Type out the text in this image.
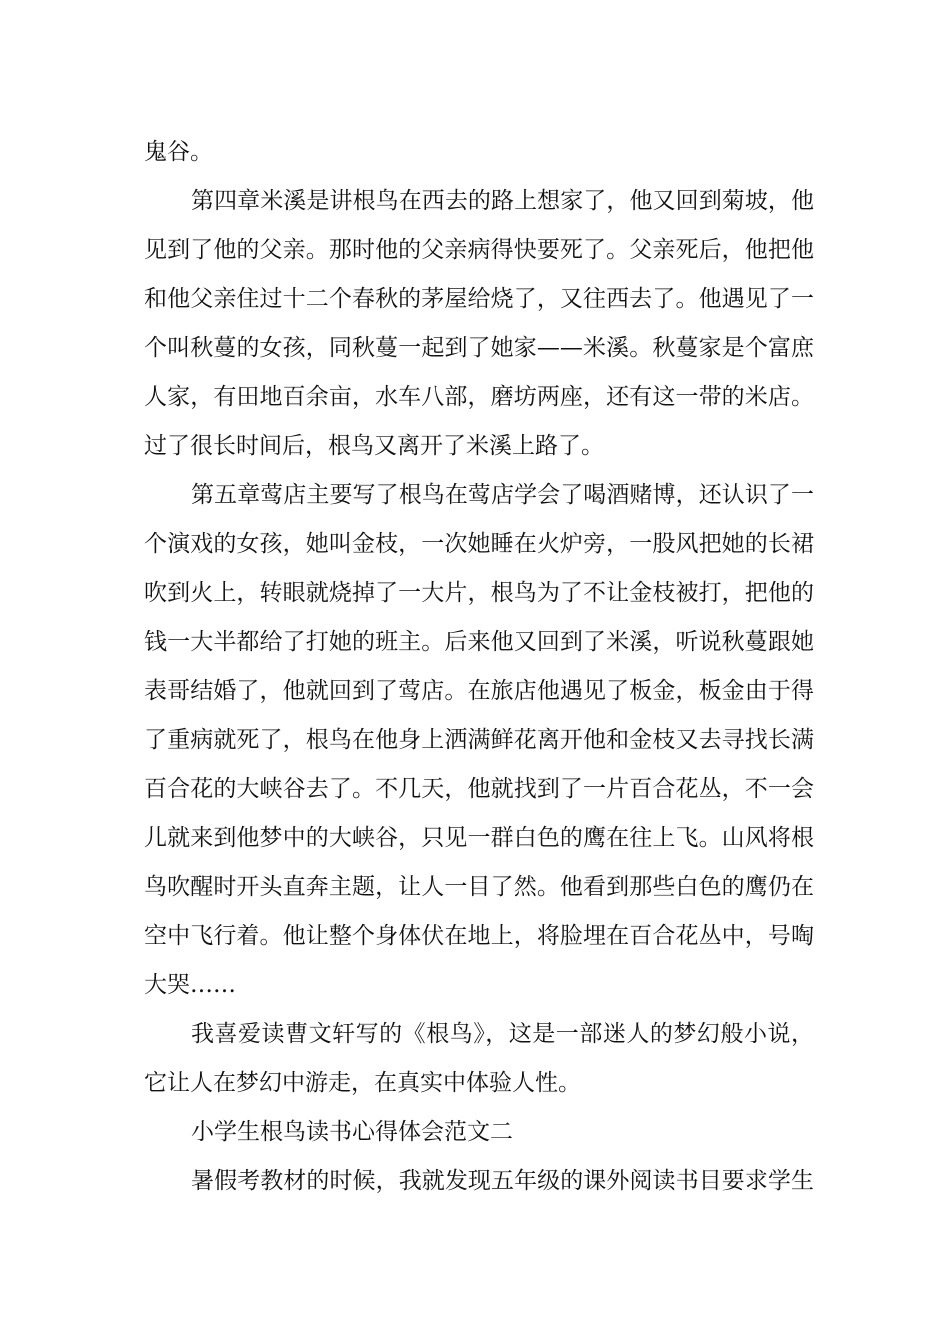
鬼谷。
第四章米溪是讲根鸟在西去的路上想家了，他又回到菊坡，他
见到了他的父亲。那时他的父亲病得快要死了。父亲死后，他把他
和他父亲住过十二个春秋的茅屋给烧了，又往西去了。他遇见了一
个叫秋蔓的女孩，同秋蔓一起到了她家——米溪。秋蔓家是个富庶
人家，有田地百余亩，水车八部，磨坊两座，还有这一带的米店。
过了很长时间后，根鸟又离开了米溪上路了。
第五章莺店主要写了根鸟在莺店学会了喝酒赌博，还认识了一
个演戏的女孩，她叫金枝，一次她睡在火炉旁，一股风把她的长裙
吹到火上，转眼就烧掉了一大片，根鸟为了不让金枝被打，把他的
钱一大半都给了打她的班主。后来他又回到了米溪，听说秋蔓跟她
表哥结婚了，他就回到了莺店。在旅店他遇见了板金，板金由于得
了重病就死了，根鸟在他身上洒满鲜花离开他和金枝又去寻找长满
百合花的大峡谷去了。不几天，他就找到了一片百合花丛，不一会
儿就来到他梦中的大峡谷，只见一群白色的鹰在往上飞。山风将根
鸟吹醒时开头直奔主题，让人一目了然。他看到那些白色的鹰仍在
空中飞行着。他让整个身体伏在地上，将脸埋在百合花丛中，号啕
大哭……
我喜爱读曹文轩写的《根鸟》，这是一部迷人的梦幻般小说，
它让人在梦幻中游走，在真实中体验人性。
小学生根鸟读书心得体会范文二
暑假考教材的时候，我就发现五年级的课外阅读书目要求学生
